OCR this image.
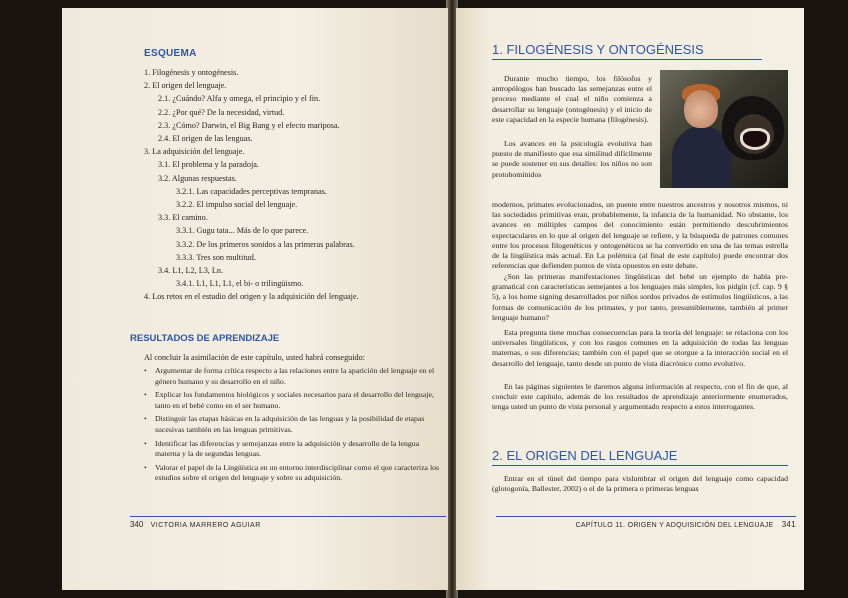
ESQUEMA
1. Filogénesis y ontogénesis.
2. El origen del lenguaje.
2.1. ¿Cuándo? Alfa y omega, el principio y el fin.
2.2. ¿Por qué? De la necesidad, virtud.
2.3. ¿Cómo? Darwin, el Big Bang y el efecto mariposa.
2.4. El origen de las lenguas.
3. La adquisición del lenguaje.
3.1. El problema y la paradoja.
3.2. Algunas respuestas.
3.2.1. Las capacidades perceptivas tempranas.
3.2.2. El impulso social del lenguaje.
3.3. El camino.
3.3.1. Gugu tata... Más de lo que parece.
3.3.2. De los primeros sonidos a las primeras palabras.
3.3.3. Tres son multitud.
3.4. L1, L2, L3, Ln.
3.4.1. L1, L1, L1, el bi- o trilingüismo.
4. Los retos en el estudio del origen y la adquisición del lenguaje.
RESULTADOS DE APRENDIZAJE
Al concluir la asimilación de este capítulo, usted habrá conseguido:
• Argumentar de forma crítica respecto a las relaciones entre la aparición del lenguaje en el género humano y su desarrollo en el niño.
• Explicar los fundamentos biológicos y sociales necesarios para el desarrollo del lenguaje, tanto en el bebé como en el ser humano.
• Distinguir las etapas básicas en la adquisición de las lenguas y la posibilidad de etapas sucesivas también en las lenguas primitivas.
• Identificar las diferencias y semejanzas entre la adquisición y desarrollo de la lengua materna y la de segundas lenguas.
• Valorar el papel de la Lingüística en un entorno interdisciplinar como el que caracteriza los estudios sobre el origen del lenguaje y sobre su adquisición.
340 VICTORIA MARRERO AGUIAR
1. FILOGÉNESIS Y ONTOGÉNESIS

Durante mucho tiempo, los filósofos y antropólogos han buscado las semejanzas entre el proceso mediante el cual el niño comienza a desarrollar su lenguaje (ontogénesis) y el inicio de este capacidad en la especie humana (filogénesis).

Los avances en la psicología evolutiva han puesto de manifiesto que esa similitud difícilmente se puede sostener en sus detalles: los niños no son protohomínidos

modernos, primates evolucionados, un puente entre nuestros ancestros y nosotros mismos, ni las sociedades primitivas eran, probablemente, la infancia de la humanidad. No obstante, los avances en múltiples campos del conocimiento están permitiendo descubrimientos espectaculares en lo que al origen del lenguaje se refiere, y la búsqueda de patrones comunes entre los procesos filogenéticos y ontogenéticos se ha convertido en una de las temas estrella de la lingüística más actual. En La polémica (al final de este capítulo) puede encontrar dos referencias que defienden puntos de vista opuestos en este debate.

¿Son las primeras manifestaciones lingüísticas del bebé un ejemplo de habla pre-gramatical con caracteristicas semejantes a los lenguajes más simples, los pidgin (cf. cap. 9 § 5), a los home signing desarrollados por niños sordos privados de estímulos lingüísticos, a las formas de comunicación de los primates, y por tanto, presumiblemente, también al primer lenguaje humano?

Esta pregunta tiene muchas consecuencias para la teoría del lenguaje: se relaciona con los universales lingüísticos, y con los rasgos comunes en la adquisición de todas las lenguas maternas, o sus diferencias; también con el papel que se otorgue a la interacción social en el desarrollo del lenguaje, tanto desde un punto de vista diacrónico como evolutivo.

En las páginas siguientes le daremos alguna información al respecto, con el fin de que, al concluir este capítulo, además de los resultados de aprendizaje anteriormente enumerados, tenga usted un punto de vista personal y argumentado respecto a estos interrogantes.

2. EL ORIGEN DEL LENGUAJE

Entrar en el túnel del tiempo para vislumbrar el origen del lenguaje como capacidad (glotogonía, Ballester, 2002) o el de la primera o primeras lenguas

CAPÍTULO 11. ORIGEN Y ADQUISICIÓN DEL LENGUAJE 341
